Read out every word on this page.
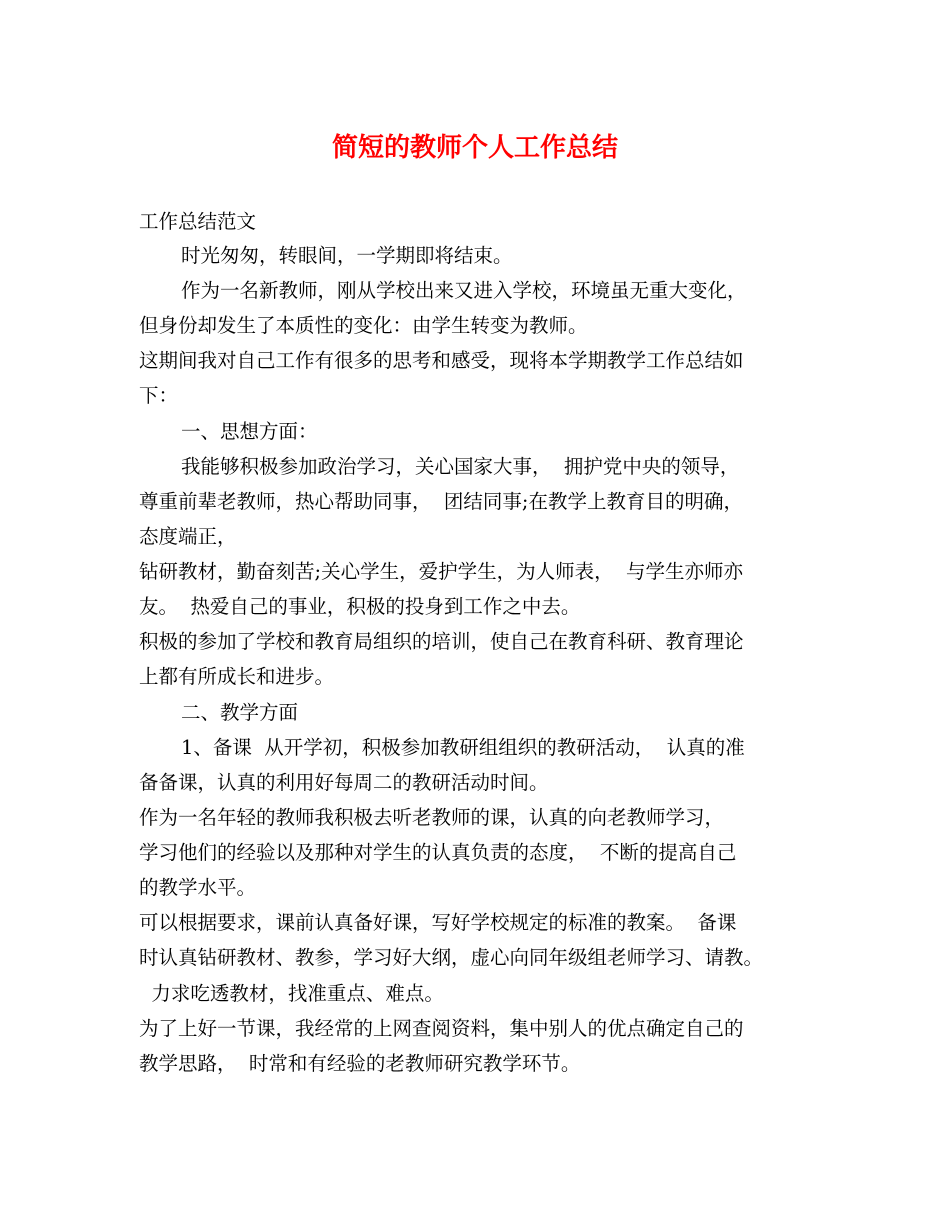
简短的教师个人工作总结
工作总结范文
时光匆匆，转眼间，一学期即将结束。
作为一名新教师，刚从学校出来又进入学校，环境虽无重大变化，
但身份却发生了本质性的变化：由学生转变为教师。
这期间我对自己工作有很多的思考和感受，现将本学期教学工作总结如
下：
一、思想方面：
我能够积极参加政治学习，关心国家大事，  拥护党中央的领导，
尊重前辈老教师，热心帮助同事，  团结同事;在教学上教育目的明确，
态度端正，
钻研教材，勤奋刻苦;关心学生，爱护学生，为人师表，  与学生亦师亦
友。  热爱自己的事业，积极的投身到工作之中去。
积极的参加了学校和教育局组织的培训，使自己在教育科研、教育理论
上都有所成长和进步。
二、教学方面
1、备课  从开学初，积极参加教研组组织的教研活动，  认真的准
备备课，认真的利用好每周二的教研活动时间。
作为一名年轻的教师我积极去听老教师的课，认真的向老教师学习，
学习他们的经验以及那种对学生的认真负责的态度，  不断的提高自己
的教学水平。
可以根据要求，课前认真备好课，写好学校规定的标准的教案。  备课
时认真钻研教材、教参，学习好大纲，虚心向同年级组老师学习、请教。
力求吃透教材，找准重点、难点。
为了上好一节课，我经常的上网查阅资料，集中别人的优点确定自己的
教学思路，  时常和有经验的老教师研究教学环节。
